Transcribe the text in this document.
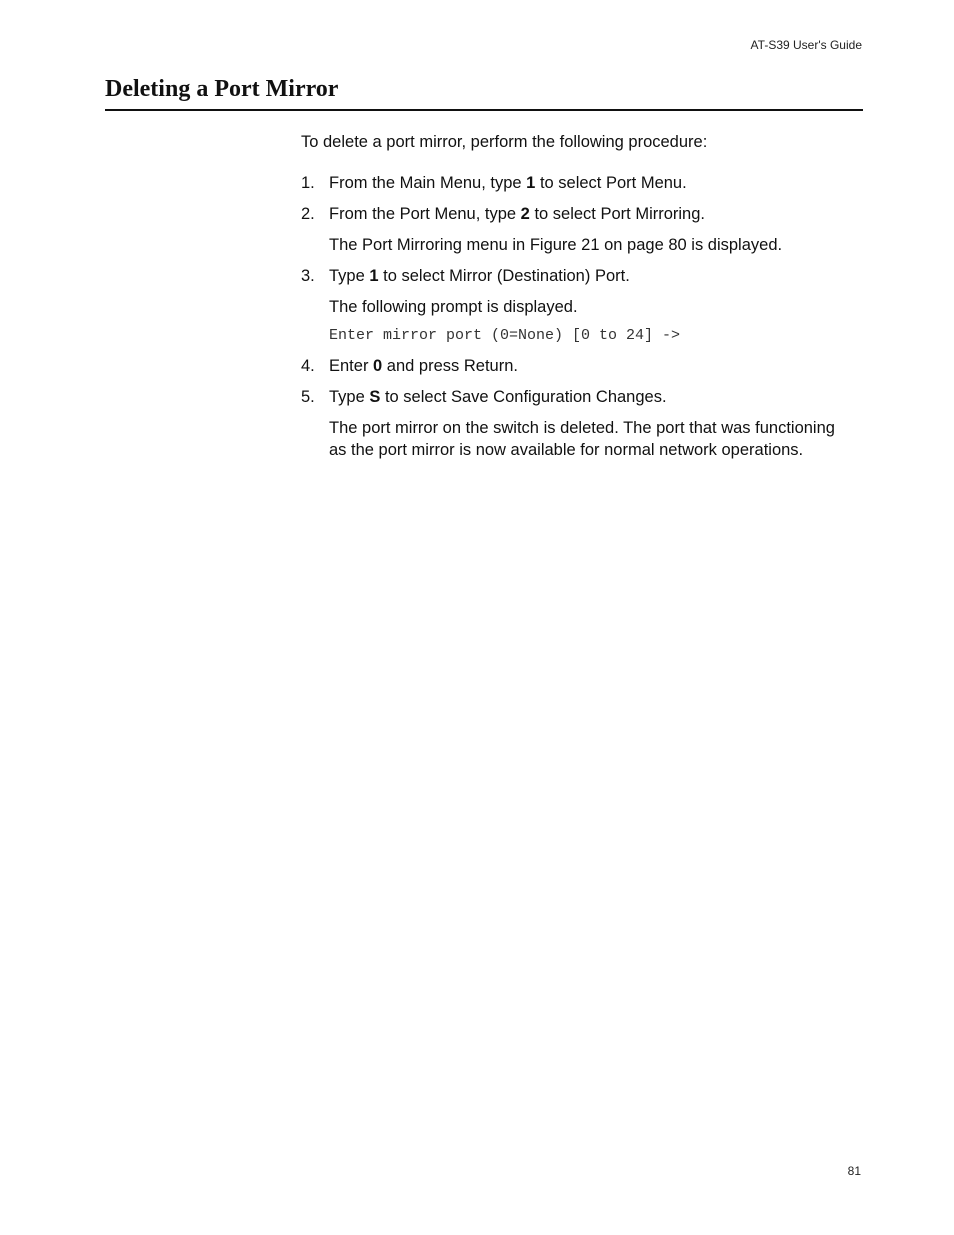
AT-S39 User's Guide
Deleting a Port Mirror

To delete a port mirror, perform the following procedure:

1. From the Main Menu, type 1 to select Port Menu.
2. From the Port Menu, type 2 to select Port Mirroring.

The Port Mirroring menu in Figure 21 on page 80 is displayed.

3. Type 1 to select Mirror (Destination) Port.

The following prompt is displayed.

Enter mirror port (0=None) [0 to 24] ->
4. Enter 0 and press Return.
5. Type S to select Save Configuration Changes.

The port mirror on the switch is deleted. The port that was functioning as the port mirror is now available for normal network operations.

81
